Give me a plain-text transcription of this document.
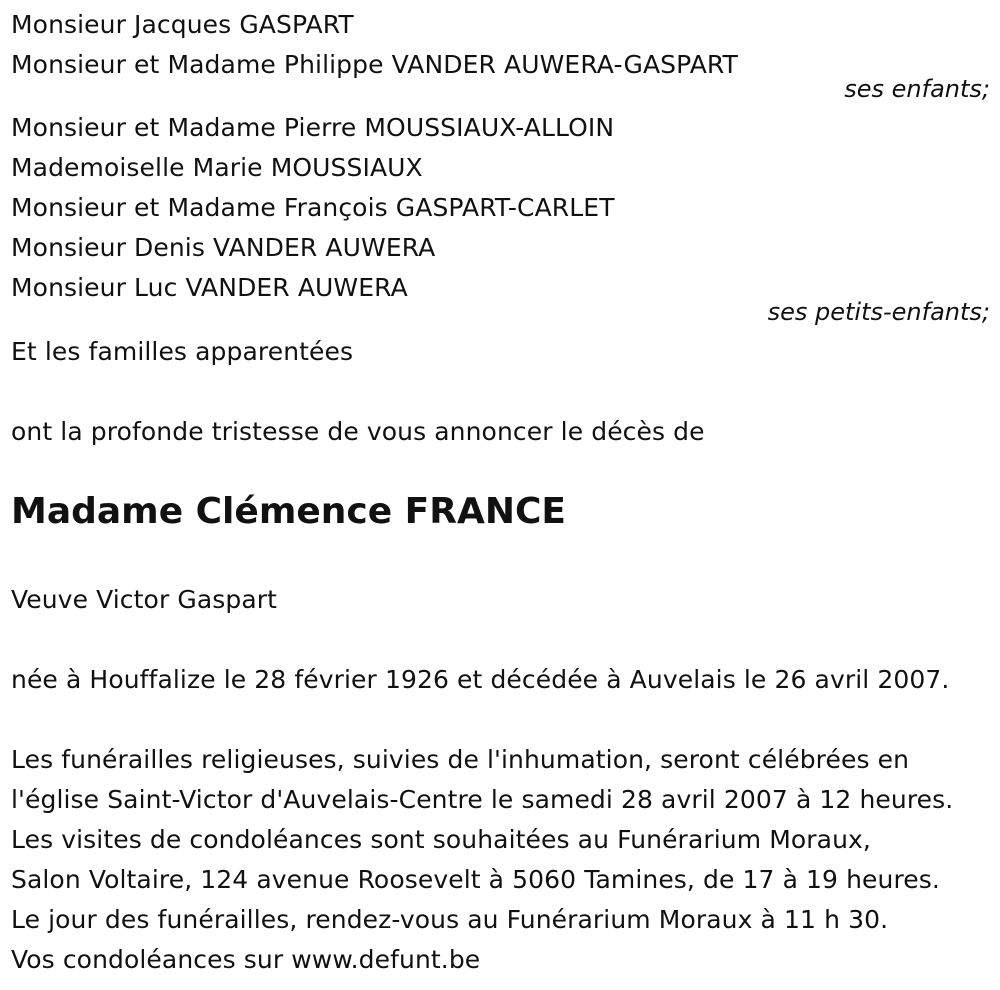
Monsieur Jacques GASPART
Monsieur et Madame Philippe VANDER AUWERA-GASPART
ses enfants;
Monsieur et Madame Pierre MOUSSIAUX-ALLOIN
Mademoiselle Marie MOUSSIAUX
Monsieur et Madame François GASPART-CARLET
Monsieur Denis VANDER AUWERA
Monsieur Luc VANDER AUWERA
ses petits-enfants;
Et les familles apparentées
ont la profonde tristesse de vous annoncer le décès de
Madame Clémence FRANCE
Veuve Victor Gaspart
née à Houffalize le 28 février 1926 et décédée à Auvelais le 26 avril 2007.
Les funérailles religieuses, suivies de l'inhumation, seront célébrées en
l'église Saint-Victor d'Auvelais-Centre le samedi 28 avril 2007 à 12 heures.
Les visites de condoléances sont souhaitées au Funérarium Moraux,
Salon Voltaire, 124 avenue Roosevelt à 5060 Tamines, de 17 à 19 heures.
Le jour des funérailles, rendez-vous au Funérarium Moraux à 11 h 30.
Vos condoléances sur www.defunt.be
